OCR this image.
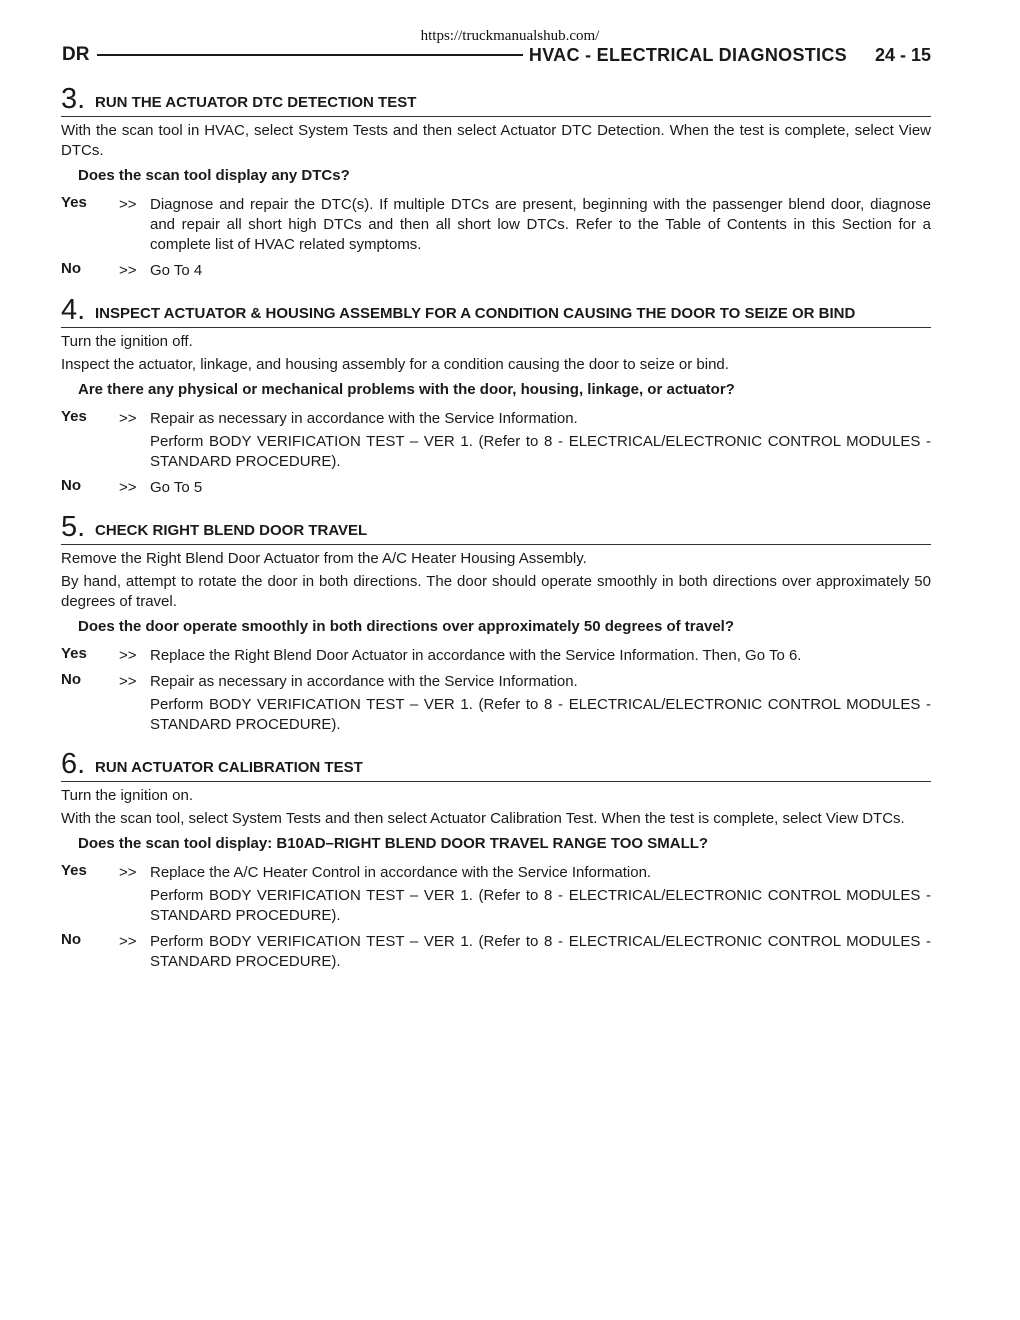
https://truckmanualshub.com/
DR	HVAC - ELECTRICAL DIAGNOSTICS 24 - 15
3. RUN THE ACTUATOR DTC DETECTION TEST
With the scan tool in HVAC, select System Tests and then select Actuator DTC Detection. When the test is complete, select View DTCs.
Does the scan tool display any DTCs?
Yes	>> Diagnose and repair the DTC(s). If multiple DTCs are present, beginning with the passenger blend door, diagnose and repair all short high DTCs and then all short low DTCs. Refer to the Table of Contents in this Section for a complete list of HVAC related symptoms.

No	>> Go To 4

4. INSPECT ACTUATOR & HOUSING ASSEMBLY FOR A CONDITION CAUSING THE DOOR TO SEIZE OR BIND
Turn the ignition off.
Inspect the actuator, linkage, and housing assembly for a condition causing the door to seize or bind.
Are there any physical or mechanical problems with the door, housing, linkage, or actuator?
Yes	>> Repair as necessary in accordance with the Service Information.

Perform BODY VERIFICATION TEST – VER 1. (Refer to 8 - ELECTRICAL/ELECTRONIC CONTROL MODULES - STANDARD PROCEDURE).

No	>> Go To 5

5. CHECK RIGHT BLEND DOOR TRAVEL
Remove the Right Blend Door Actuator from the A/C Heater Housing Assembly.
By hand, attempt to rotate the door in both directions. The door should operate smoothly in both directions over approximately 50 degrees of travel.
Does the door operate smoothly in both directions over approximately 50 degrees of travel?
Yes	>> Replace the Right Blend Door Actuator in accordance with the Service Information. Then, Go To 6.

No	>> Repair as necessary in accordance with the Service Information.

Perform BODY VERIFICATION TEST – VER 1. (Refer to 8 - ELECTRICAL/ELECTRONIC CONTROL MODULES - STANDARD PROCEDURE).

6. RUN ACTUATOR CALIBRATION TEST
Turn the ignition on.
With the scan tool, select System Tests and then select Actuator Calibration Test. When the test is complete, select View DTCs.
Does the scan tool display: B10AD–RIGHT BLEND DOOR TRAVEL RANGE TOO SMALL?
Yes	>> Replace the A/C Heater Control in accordance with the Service Information.

Perform BODY VERIFICATION TEST – VER 1. (Refer to 8 - ELECTRICAL/ELECTRONIC CONTROL MODULES - STANDARD PROCEDURE).

No	>> Perform BODY VERIFICATION TEST – VER 1. (Refer to 8 - ELECTRICAL/ELECTRONIC CONTROL MODULES - STANDARD PROCEDURE).
